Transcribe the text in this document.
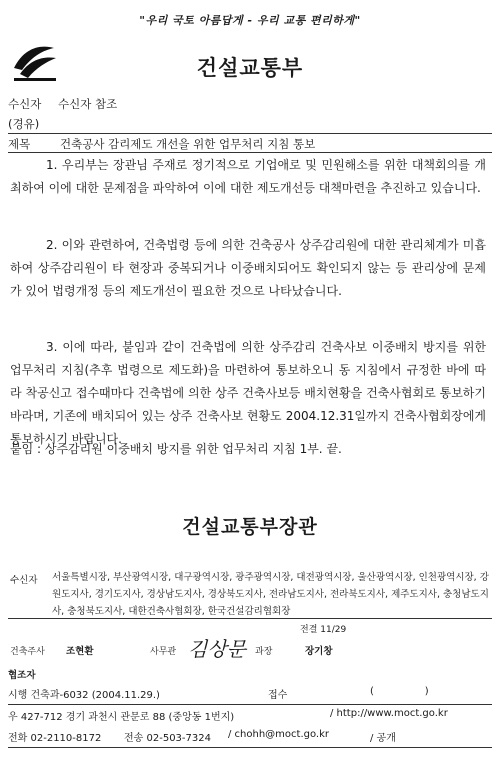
"우리 국토 아름답게 - 우리 교통 편리하게"
건설교통부
수신자 수신자 참조
(경유)
제목	건축공사 감리제도 개선을 위한 업무처리 지침 통보
1. 우리부는 장관님 주재로 정기적으로 기업애로 및 민원해소를 위한 대책회의를 개최하여 이에 대한 문제점을 파악하여 이에 대한 제도개선등 대책마련을 추진하고 있습니다.
2. 이와 관련하여, 건축법령 등에 의한 건축공사 상주감리원에 대한 관리체계가 미흡하여 상주감리원이 타 현장과 중복되거나 이중배치되어도 확인되지 않는 등 관리상에 문제가 있어 법령개정 등의 제도개선이 필요한 것으로 나타났습니다.
3. 이에 따라, 붙임과 같이 건축법에 의한 상주감리 건축사보 이중배치 방지를 위한 업무처리 지침(추후 법령으로 제도화)을 마련하여 통보하오니 동 지침에서 규정한 바에 따라 착공신고 접수때마다 건축법에 의한 상주 건축사보등 배치현황을 건축사협회로 통보하기 바라며, 기존에 배치되어 있는 상주 건축사보 현황도 2004.12.31일까지 건축사협회장에게 통보하시기 바랍니다.
붙임 : 상주감리원 이중배치 방지를 위한 업무처리 지침 1부. 끝.
건설교통부장관
수신자 서울특별시장, 부산광역시장, 대구광역시장, 광주광역시장, 대전광역시장, 울산광역시장, 인천광역시장, 강원도지사, 경기도지사, 경상남도지사, 경상북도지사, 전라남도지사, 전라북도지사, 제주도지사, 충청남도지사, 충청북도지사, 대한건축사협회장, 한국건설감리협회장
전결 11/29
건축주사 조현환	사무관 김상문 과장	장기창
협조자
시행 건축과-6032 (2004.11.29.)	접수	(                )
우 427-712 경기 과천시 관문로 88 (중앙동 1번지)	/ http://www.moct.go.kr
전화 02-2110-8172 전송 02-503-7324 / chohh@moct.go.kr	/ 공개
